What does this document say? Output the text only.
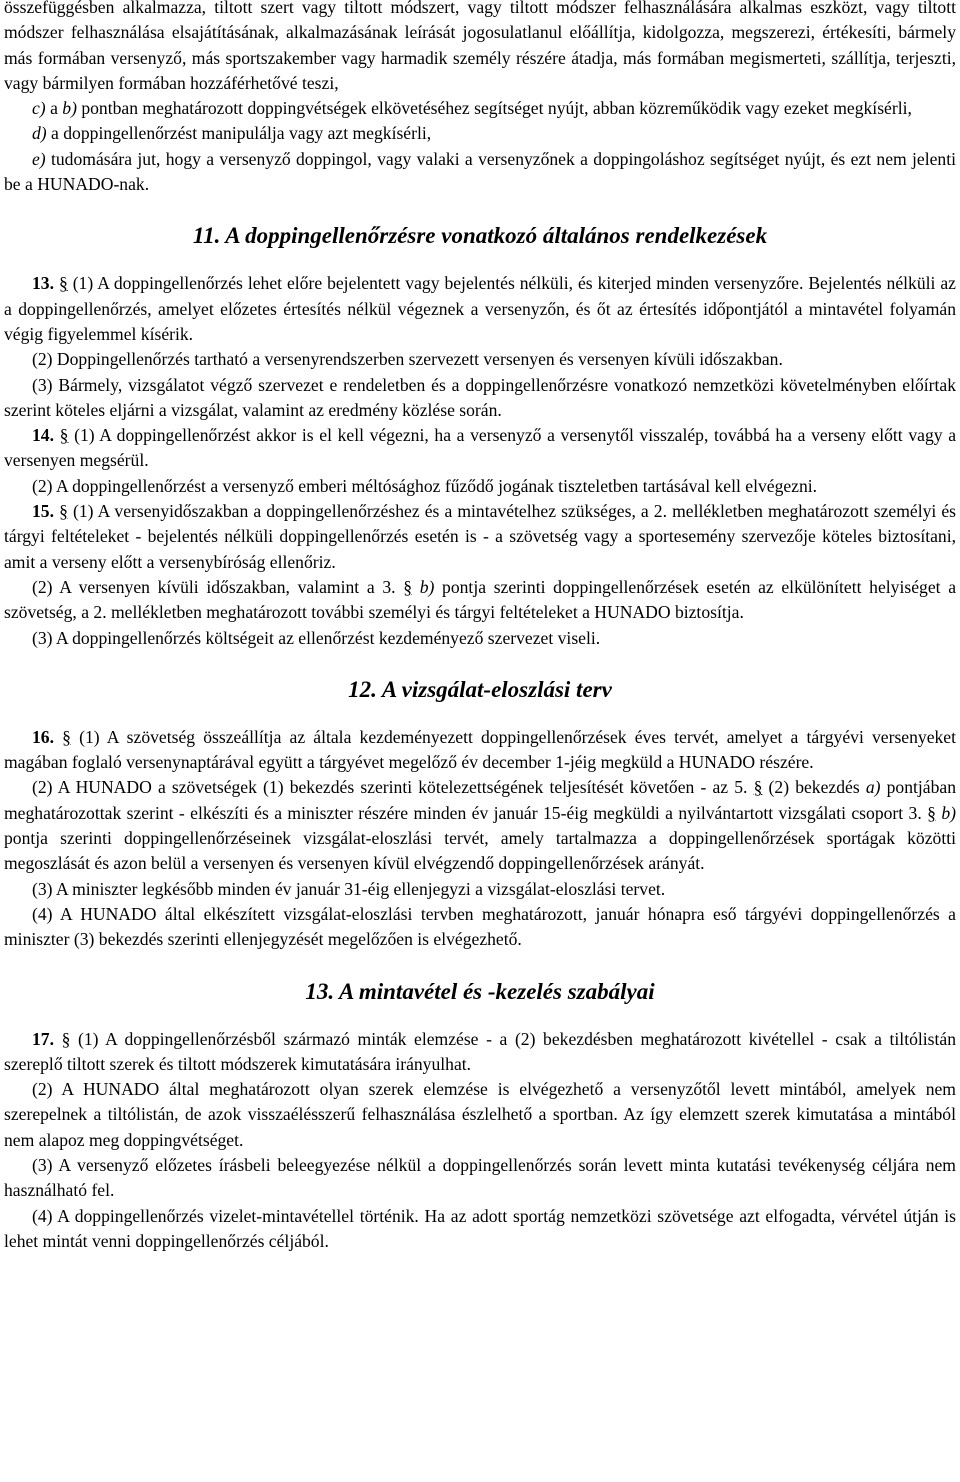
összefüggésben alkalmazza, tiltott szert vagy tiltott módszert, vagy tiltott módszer felhasználására alkalmas eszközt, vagy tiltott módszer felhasználása elsajátításának, alkalmazásának leírását jogosulatlanul előállítja, kidolgozza, megszerezi, értékesíti, bármely más formában versenyző, más sportszakember vagy harmadik személy részére átadja, más formában megismerteti, szállítja, terjeszti, vagy bármilyen formában hozzáférhetővé teszi,

c) a b) pontban meghatározott doppingvétségek elkövetéséhez segítséget nyújt, abban közreműködik vagy ezeket megkísérli,

d) a doppingellenőrzést manipulálja vagy azt megkísérli,

e) tudomására jut, hogy a versenyző doppingol, vagy valaki a versenyzőnek a doppingoláshoz segítséget nyújt, és ezt nem jelenti be a HUNADO-nak.

11. A doppingellenőrzésre vonatkozó általános rendelkezések

13. § (1) A doppingellenőrzés lehet előre bejelentett vagy bejelentés nélküli, és kiterjed minden versenyzőre. Bejelentés nélküli az a doppingellenőrzés, amelyet előzetes értesítés nélkül végeznek a versenyzőn, és őt az értesítés időpontjától a mintavétel folyamán végig figyelemmel kísérik.

(2) Doppingellenőrzés tartható a versenyrendszerben szervezett versenyen és versenyen kívüli időszakban.

(3) Bármely, vizsgálatot végző szervezet e rendeletben és a doppingellenőrzésre vonatkozó nemzetközi követelményben előírtak szerint köteles eljárni a vizsgálat, valamint az eredmény közlése során.

14. § (1) A doppingellenőrzést akkor is el kell végezni, ha a versenyző a versenytől visszalép, továbbá ha a verseny előtt vagy a versenyen megsérül.

(2) A doppingellenőrzést a versenyző emberi méltósághoz fűződő jogának tiszteletben tartásával kell elvégezni.

15. § (1) A versenyidőszakban a doppingellenőrzéshez és a mintavételhez szükséges, a 2. mellékletben meghatározott személyi és tárgyi feltételeket - bejelentés nélküli doppingellenőrzés esetén is - a szövetség vagy a sportesemény szervezője köteles biztosítani, amit a verseny előtt a versenybíróság ellenőriz.

(2) A versenyen kívüli időszakban, valamint a 3. § b) pontja szerinti doppingellenőrzések esetén az elkülönített helyiséget a szövetség, a 2. mellékletben meghatározott további személyi és tárgyi feltételeket a HUNADO biztosítja.

(3) A doppingellenőrzés költségeit az ellenőrzést kezdeményező szervezet viseli.

12. A vizsgálat-eloszlási terv

16. § (1) A szövetség összeállítja az általa kezdeményezett doppingellenőrzések éves tervét, amelyet a tárgyévi versenyeket magában foglaló versenynaptárával együtt a tárgyévet megelőző év december 1-jéig megküld a HUNADO részére.

(2) A HUNADO a szövetségek (1) bekezdés szerinti kötelezettségének teljesítését követően - az 5. § (2) bekezdés a) pontjában meghatározottak szerint - elkészíti és a miniszter részére minden év január 15-éig megküldi a nyilvántartott vizsgálati csoport 3. § b) pontja szerinti doppingellenőrzéseinek vizsgálat-eloszlási tervét, amely tartalmazza a doppingellenőrzések sportágak közötti megoszlását és azon belül a versenyen és versenyen kívül elvégzendő doppingellenőrzések arányát.

(3) A miniszter legkésőbb minden év január 31-éig ellenjegyzi a vizsgálat-eloszlási tervet.

(4) A HUNADO által elkészített vizsgálat-eloszlási tervben meghatározott, január hónapra eső tárgyévi doppingellenőrzés a miniszter (3) bekezdés szerinti ellenjegyzését megelőzően is elvégezhető.

13. A mintavétel és -kezelés szabályai

17. § (1) A doppingellenőrzésből származó minták elemzése - a (2) bekezdésben meghatározott kivétellel - csak a tiltólistán szereplő tiltott szerek és tiltott módszerek kimutatására irányulhat.

(2) A HUNADO által meghatározott olyan szerek elemzése is elvégezhető a versenyzőtől levett mintából, amelyek nem szerepelnek a tiltólistán, de azok visszaélésszerű felhasználása észlelhető a sportban. Az így elemzett szerek kimutatása a mintából nem alapoz meg doppingvétséget.

(3) A versenyző előzetes írásbeli beleegyezése nélkül a doppingellenőrzés során levett minta kutatási tevékenység céljára nem használható fel.

(4) A doppingellenőrzés vizelet-mintavétellel történik. Ha az adott sportág nemzetközi szövetsége azt elfogadta, vérvétel útján is lehet mintát venni doppingellenőrzés céljából.
